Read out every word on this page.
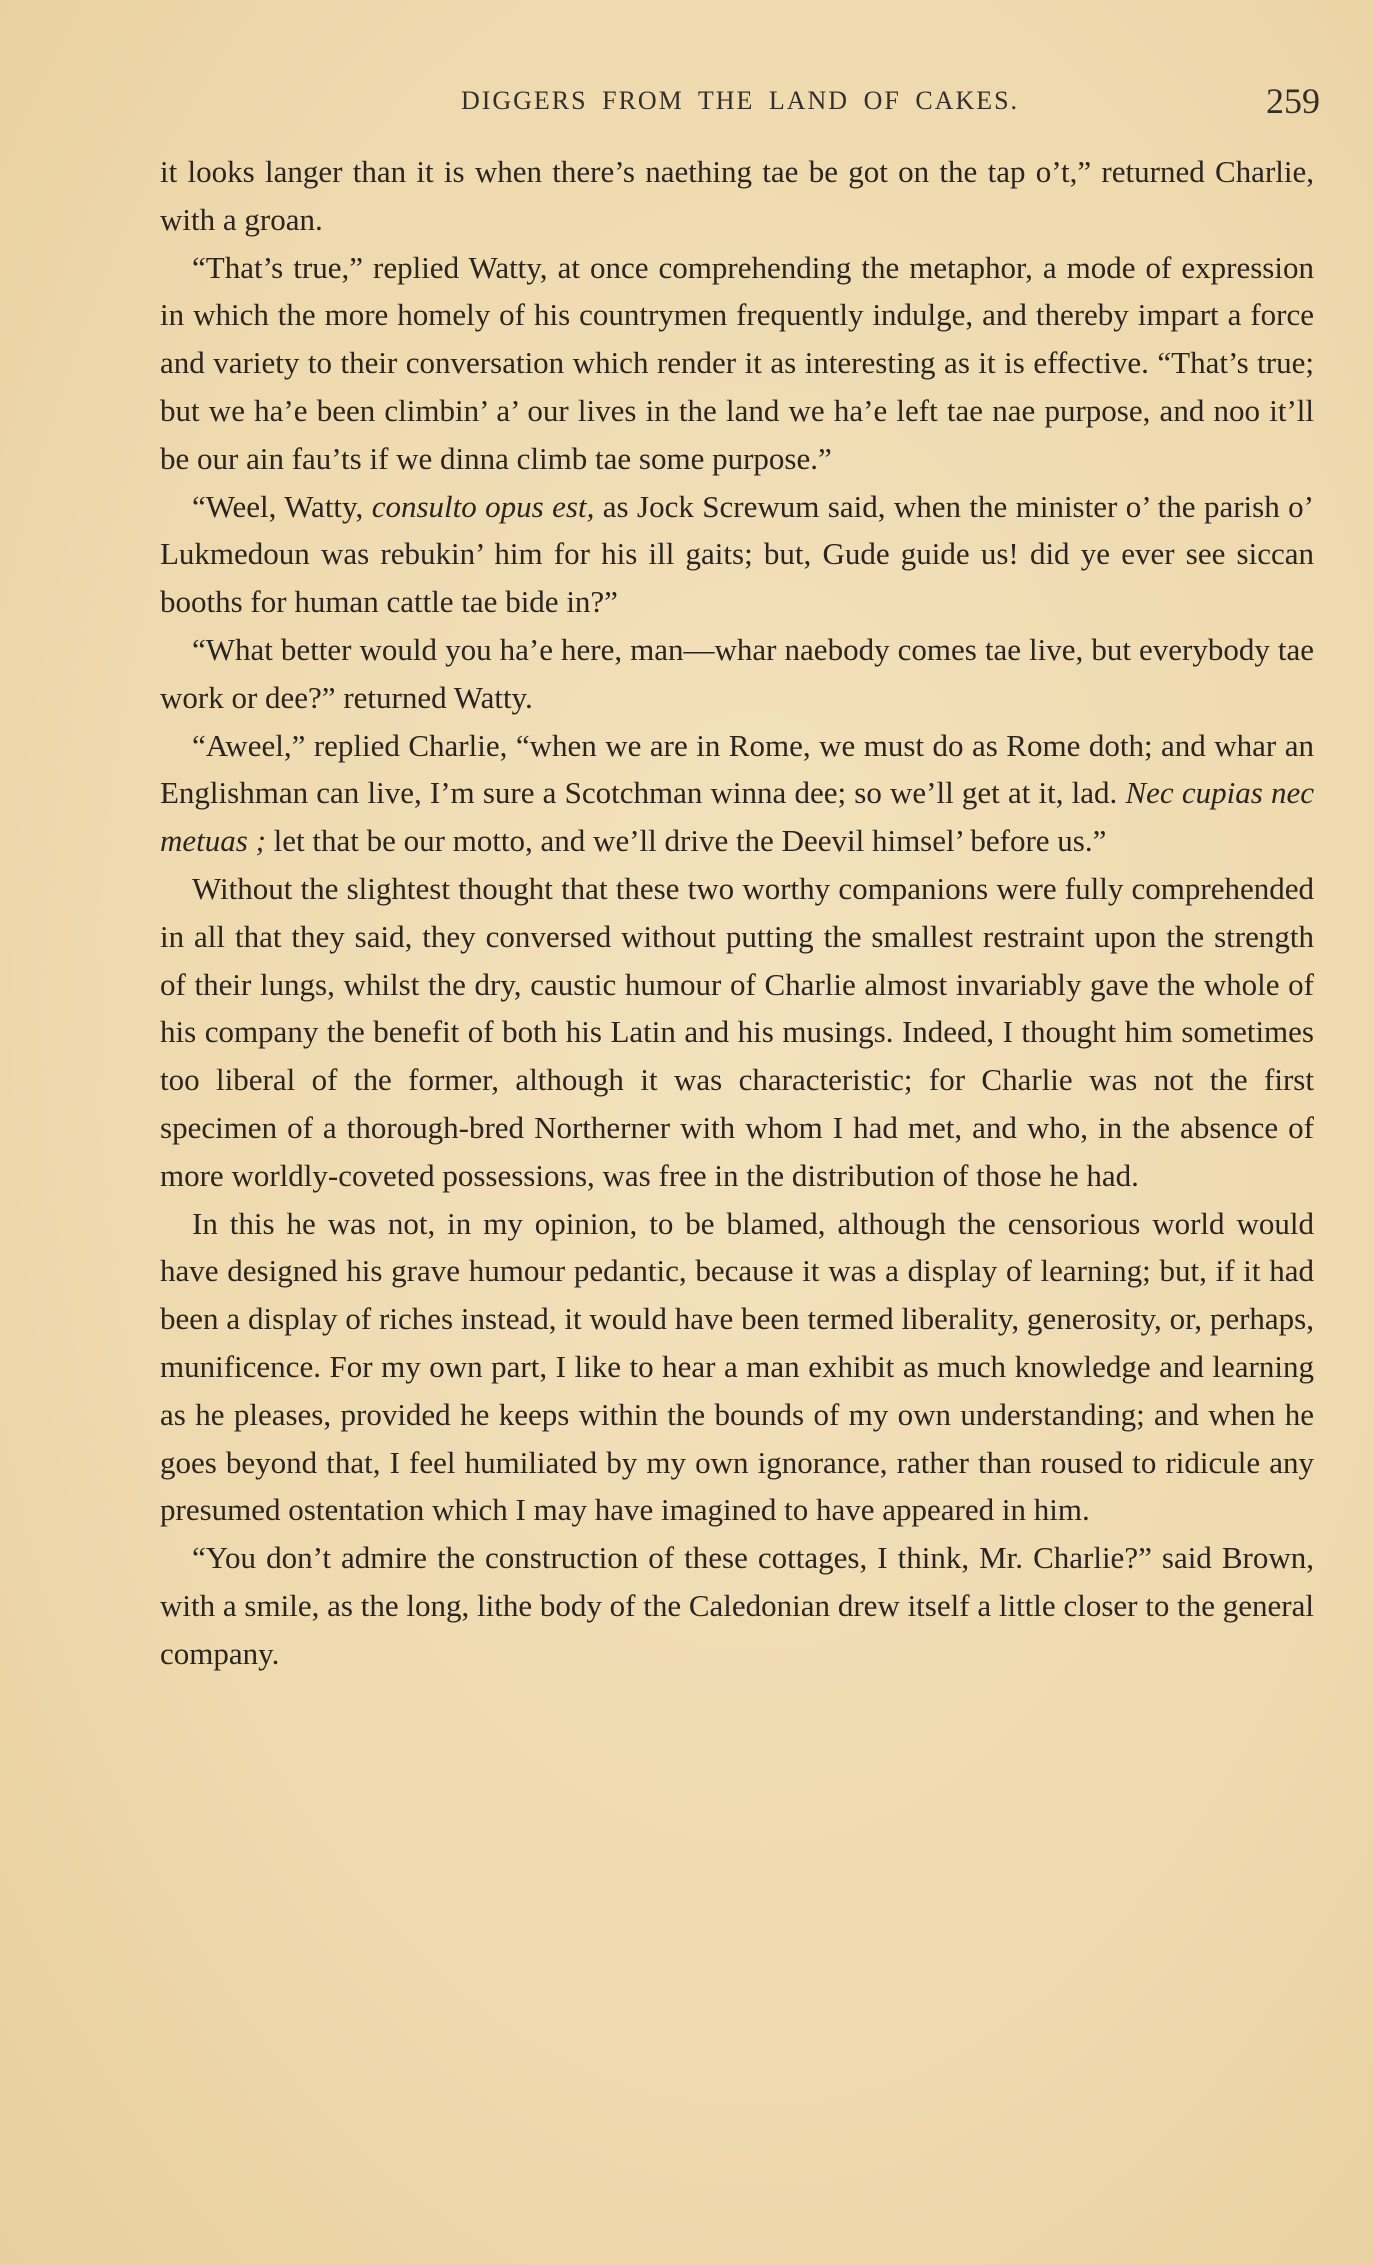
DIGGERS FROM THE LAND OF CAKES.	259

it looks langer than it is when there’s naething tae be got on the tap o’t,” returned Charlie, with a groan.

“That’s true,” replied Watty, at once comprehending the metaphor, a mode of expression in which the more homely of his countrymen frequently indulge, and thereby impart a force and variety to their conversation which render it as interesting as it is effective. “That’s true; but we ha’e been climbin’ a’ our lives in the land we ha’e left tae nae purpose, and noo it’ll be our ain fau’ts if we dinna climb tae some purpose.”

“Weel, Watty, consulto opus est, as Jock Screwum said, when the minister o’ the parish o’ Lukmedoun was rebukin’ him for his ill gaits; but, Gude guide us! did ye ever see siccan booths for human cattle tae bide in?”

“What better would you ha’e here, man—whar naebody comes tae live, but everybody tae work or dee?” returned Watty.

“Aweel,” replied Charlie, “when we are in Rome, we must do as Rome doth; and whar an Englishman can live, I’m sure a Scotchman winna dee; so we’ll get at it, lad. Nec cupias nec metuas ; let that be our motto, and we’ll drive the Deevil himsel’ before us.”

Without the slightest thought that these two worthy companions were fully comprehended in all that they said, they conversed without putting the smallest restraint upon the strength of their lungs, whilst the dry, caustic humour of Charlie almost invariably gave the whole of his company the benefit of both his Latin and his musings. Indeed, I thought him sometimes too liberal of the former, although it was characteristic; for Charlie was not the first specimen of a thorough-bred Northerner with whom I had met, and who, in the absence of more worldly-coveted possessions, was free in the distribution of those he had.

In this he was not, in my opinion, to be blamed, although the censorious world would have designed his grave humour pedantic, because it was a display of learning; but, if it had been a display of riches instead, it would have been termed liberality, generosity, or, perhaps, munificence. For my own part, I like to hear a man exhibit as much knowledge and learning as he pleases, provided he keeps within the bounds of my own understanding; and when he goes beyond that, I feel humiliated by my own ignorance, rather than roused to ridicule any presumed ostentation which I may have imagined to have appeared in him.

“You don’t admire the construction of these cottages, I think, Mr. Charlie?” said Brown, with a smile, as the long, lithe body of the Caledonian drew itself a little closer to the general company.
